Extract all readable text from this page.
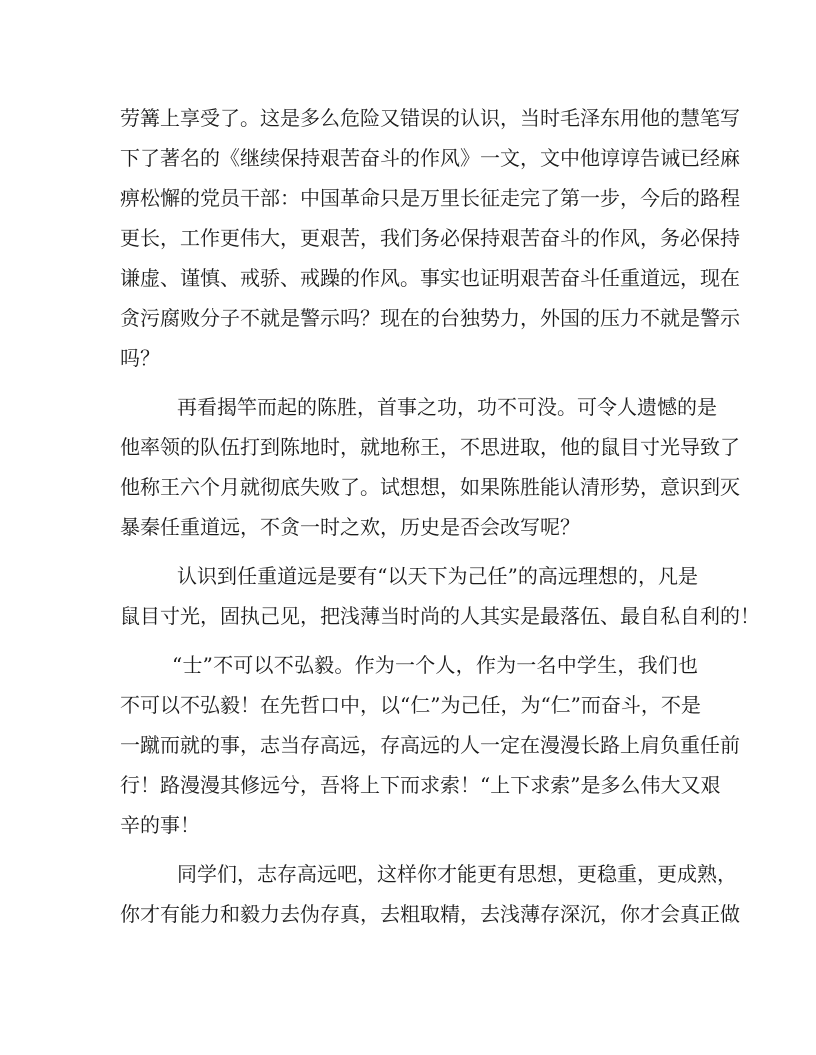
劳篝上享受了。这是多么危险又错误的认识，当时毛泽东用他的慧笔写
下了著名的《继续保持艰苦奋斗的作风》一文，文中他谆谆告诫已经麻
痹松懈的党员干部：中国革命只是万里长征走完了第一步，今后的路程
更长，工作更伟大，更艰苦，我们务必保持艰苦奋斗的作风，务必保持
谦虚、谨慎、戒骄、戒躁的作风。事实也证明艰苦奋斗任重道远，现在
贪污腐败分子不就是警示吗？现在的台独势力，外国的压力不就是警示
吗？

再看揭竿而起的陈胜，首事之功，功不可没。可令人遗憾的是
他率领的队伍打到陈地时，就地称王，不思进取，他的鼠目寸光导致了
他称王六个月就彻底失败了。试想想，如果陈胜能认清形势，意识到灭
暴秦任重道远，不贪一时之欢，历史是否会改写呢？

认识到任重道远是要有“以天下为己任”的高远理想的，凡是
鼠目寸光，固执己见，把浅薄当时尚的人其实是最落伍、最自私自利的！

“士”不可以不弘毅。作为一个人，作为一名中学生，我们也
不可以不弘毅！在先哲口中，以“仁”为己任，为“仁”而奋斗，不是
一蹴而就的事，志当存高远，存高远的人一定在漫漫长路上肩负重任前
行！路漫漫其修远兮，吾将上下而求索！“上下求索”是多么伟大又艰
辛的事！

同学们，志存高远吧，这样你才能更有思想，更稳重，更成熟，
你才有能力和毅力去伪存真，去粗取精，去浅薄存深沉，你才会真正做
